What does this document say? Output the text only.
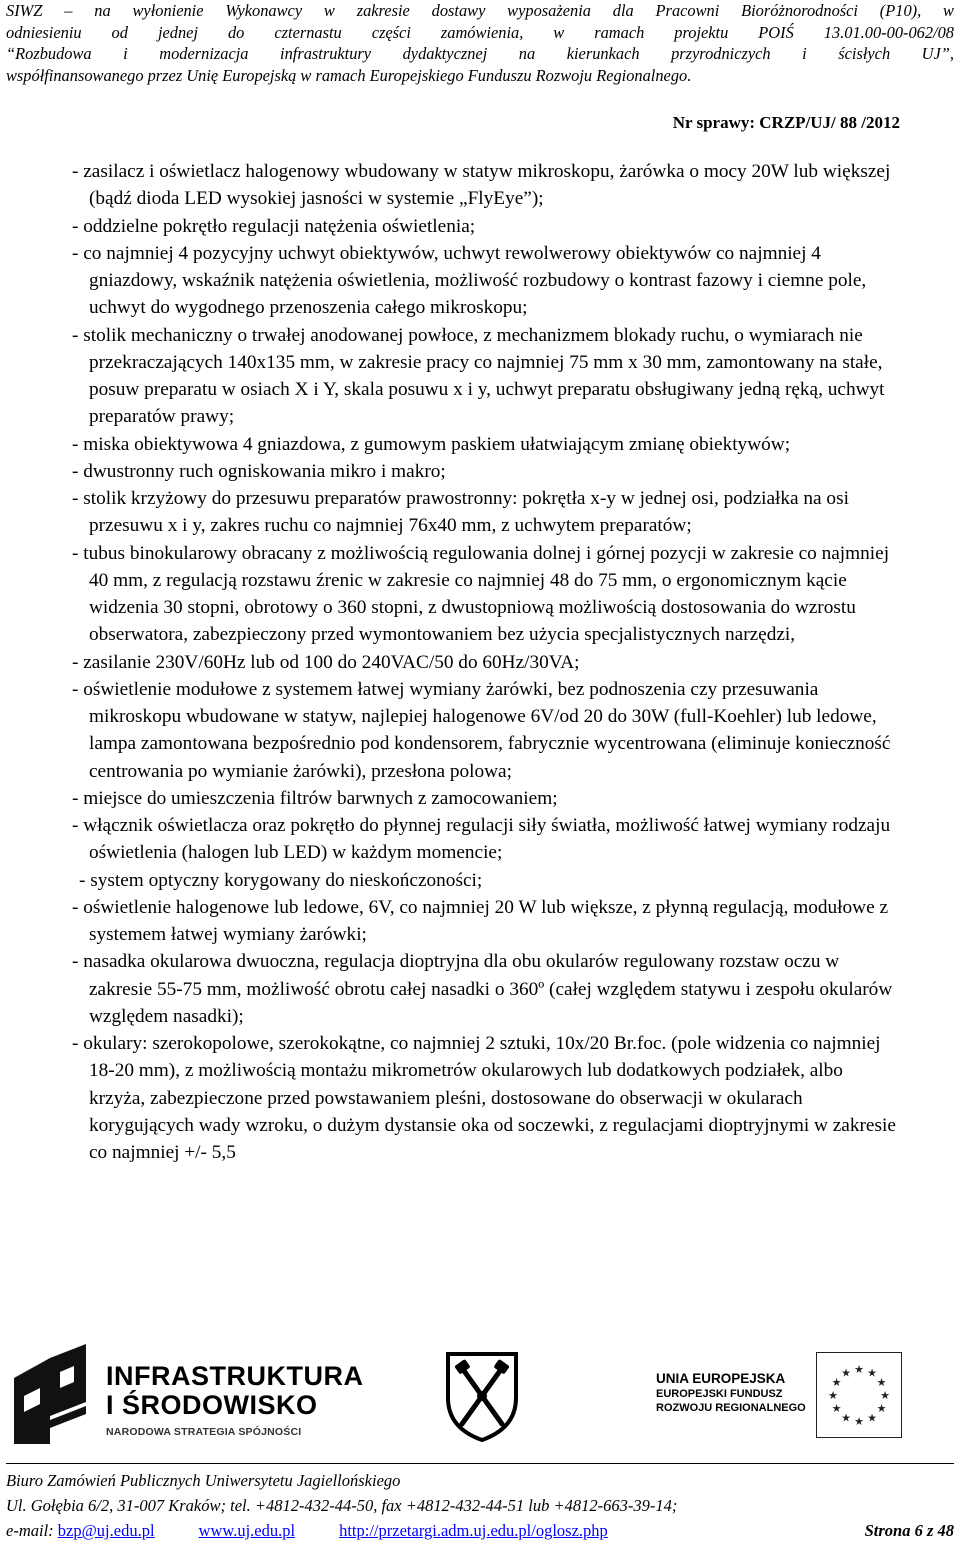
SIWZ – na wyłonienie Wykonawcy w zakresie dostawy wyposażenia dla Pracowni Bioróżnorodności (P10), w
odniesieniu od jednej do czternastu części zamówienia, w ramach projektu POIŚ 13.01.00-00-062/08
“Rozbudowa i modernizacja infrastruktury dydaktycznej na kierunkach przyrodniczych i ścisłych UJ”,
współfinansowanego przez Unię Europejską w ramach Europejskiego Funduszu Rozwoju Regionalnego.
Nr sprawy: CRZP/UJ/ 88 /2012

- zasilacz i oświetlacz halogenowy wbudowany w statyw mikroskopu, żarówka o mocy 20W lub większej (bądź dioda LED wysokiej jasności w systemie „FlyEye”);

- oddzielne pokrętło regulacji natężenia oświetlenia;

- co najmniej 4 pozycyjny uchwyt obiektywów, uchwyt rewolwerowy obiektywów co najmniej 4 gniazdowy, wskaźnik natężenia oświetlenia, możliwość rozbudowy o kontrast fazowy i ciemne pole, uchwyt do wygodnego przenoszenia całego mikroskopu;

- stolik mechaniczny o trwałej anodowanej powłoce, z mechanizmem blokady ruchu, o wymiarach nie przekraczających 140x135 mm, w zakresie pracy co najmniej 75 mm x 30 mm, zamontowany na stałe, posuw preparatu w osiach X i Y, skala posuwu x i y, uchwyt preparatu obsługiwany jedną ręką, uchwyt preparatów prawy;

- miska obiektywowa 4 gniazdowa, z gumowym paskiem ułatwiającym zmianę obiektywów;

- dwustronny ruch ogniskowania mikro i makro;

- stolik krzyżowy do przesuwu preparatów prawostronny: pokrętła x-y w jednej osi, podziałka na osi przesuwu x i y, zakres ruchu co najmniej 76x40 mm, z uchwytem preparatów;

- tubus binokularowy obracany z możliwością regulowania dolnej i górnej pozycji w zakresie co najmniej 40 mm, z regulacją rozstawu źrenic w zakresie co najmniej 48 do 75 mm, o ergonomicznym kącie widzenia 30 stopni, obrotowy o 360 stopni, z dwustopniową możliwością dostosowania do wzrostu obserwatora, zabezpieczony przed wymontowaniem bez użycia specjalistycznych narzędzi,

- zasilanie 230V/60Hz lub od 100 do 240VAC/50 do 60Hz/30VA;

- oświetlenie modułowe z systemem łatwej wymiany żarówki, bez podnoszenia czy przesuwania mikroskopu wbudowane w statyw, najlepiej halogenowe 6V/od 20 do 30W (full-Koehler) lub ledowe, lampa zamontowana bezpośrednio pod kondensorem, fabrycznie wycentrowana (eliminuje konieczność centrowania po wymianie żarówki), przesłona polowa;

- miejsce do umieszczenia filtrów barwnych z zamocowaniem;

- włącznik oświetlacza oraz pokrętło do płynnej regulacji siły światła, możliwość łatwej wymiany rodzaju oświetlenia (halogen lub LED) w każdym momencie;

- system optyczny korygowany do nieskończoności;

- oświetlenie halogenowe lub ledowe, 6V, co najmniej 20 W lub większe, z płynną regulacją, modułowe z systemem łatwej wymiany żarówki;

- nasadka okularowa dwuoczna, regulacja dioptryjna dla obu okularów regulowany rozstaw oczu w zakresie 55-75 mm, możliwość obrotu całej nasadki o 360º (całej względem statywu i zespołu okularów względem nasadki);

- okulary: szerokopolowe, szerokokątne, co najmniej 2 sztuki, 10x/20 Br.foc. (pole widzenia co najmniej 18-20 mm), z możliwością montażu mikrometrów okularowych lub dodatkowych podziałek, albo krzyża, zabezpieczone przed powstawaniem pleśni, dostosowane do obserwacji w okularach korygujących wady wzroku, o dużym dystansie oka od soczewki, z regulacjami dioptryjnymi w zakresie co najmniej +/- 5,5

INFRASTRUKTURA
I ŚRODOWISKO
NARODOWA STRATEGIA SPÓJNOŚCI
UNIA EUROPEJSKA
EUROPEJSKI FUNDUSZ
ROZWOJU REGIONALNEGO
★
★
★
★
★
★
★
★
★ ★ ★
★
Biuro Zamówień Publicznych Uniwersytetu Jagiellońskiego
Ul. Gołębia 6/2, 31-007 Kraków; tel. +4812-432-44-50, fax +4812-432-44-51 lub +4812-663-39-14;
e-mail: bzp@uj.edu.pl	www.uj.edu.pl	http://przetargi.adm.uj.edu.pl/oglosz.php	Strona 6 z 48
